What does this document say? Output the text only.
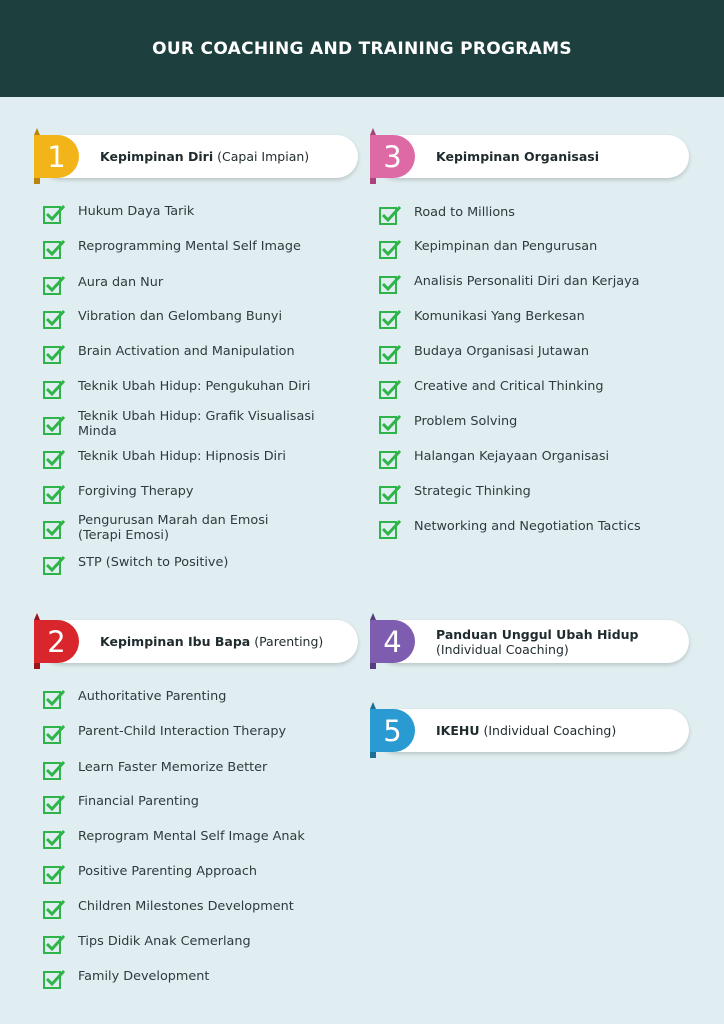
OUR COACHING AND TRAINING PROGRAMS
1	Kepimpinan Diri (Capai Impian)
Hukum Daya Tarik
Reprogramming Mental Self Image
Aura dan Nur
Vibration dan Gelombang Bunyi
Brain Activation and Manipulation
Teknik Ubah Hidup: Pengukuhan Diri
Teknik Ubah Hidup: Grafik Visualisasi Minda
Teknik Ubah Hidup: Hipnosis Diri
Forgiving Therapy
Pengurusan Marah dan Emosi (Terapi Emosi)
STP (Switch to Positive)
2	Kepimpinan Ibu Bapa (Parenting)
Authoritative Parenting
Parent-Child Interaction Therapy
Learn Faster Memorize Better
Financial Parenting
Reprogram Mental Self Image Anak
Positive Parenting Approach
Children Milestones Development
Tips Didik Anak Cemerlang
Family Development
3	Kepimpinan Organisasi
Road to Millions
Kepimpinan dan Pengurusan
Analisis Personaliti Diri dan Kerjaya
Komunikasi Yang Berkesan
Budaya Organisasi Jutawan
Creative and Critical Thinking
Problem Solving
Halangan Kejayaan Organisasi
Strategic Thinking
Networking and Negotiation Tactics
4	Panduan Unggul Ubah Hidup
(Individual Coaching)
5	IKEHU (Individual Coaching)
